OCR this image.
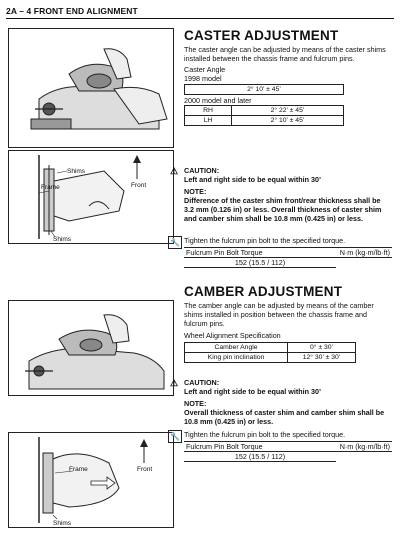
2A – 4 FRONT END ALIGNMENT
Shims
Frame	Front
Shims
Front
Frame
Shims

CASTER ADJUSTMENT

The caster angle can be adjusted by means of the caster shims installed between the chassis frame and fulcrum pins.

Caster Angle

1998 model

2° 10’ ± 45’

2000 model and later

RH	2° 22’ ± 45’
LH	2° 10’ ± 45’
⚠ CAUTION:

Left and right side to be equal within 30’

NOTE:

Difference of the caster shim front/rear thickness shall be 3.2 mm (0.126 in) or less. Overall thickness of caster shim and camber shim shall be 10.8 mm (0.425 in) or less.

🔧 Tighten the fulcrum pin bolt to the specified torque.

Fulcrum Pin Bolt Torque	N·m (kg·m/lb·ft)
152 (15.5 / 112)

CAMBER ADJUSTMENT

The camber angle can be adjusted by means of the camber shims installed in position between the chassis frame and fulcrum pins.

Wheel Alignment Specification

Camber Angle	0° ± 30’
King pin inclination	12° 30’ ± 30’
⚠ CAUTION:

Left and right side to be equal within 30’

NOTE:

Overall thickness of caster shim and camber shim shall be 10.8 mm (0.425 in) or less.

🔧 Tighten the fulcrum pin bolt to the specified torque.

Fulcrum Pin Bolt Torque	N·m (kg·m/lb·ft)
152 (15.5 / 112)
